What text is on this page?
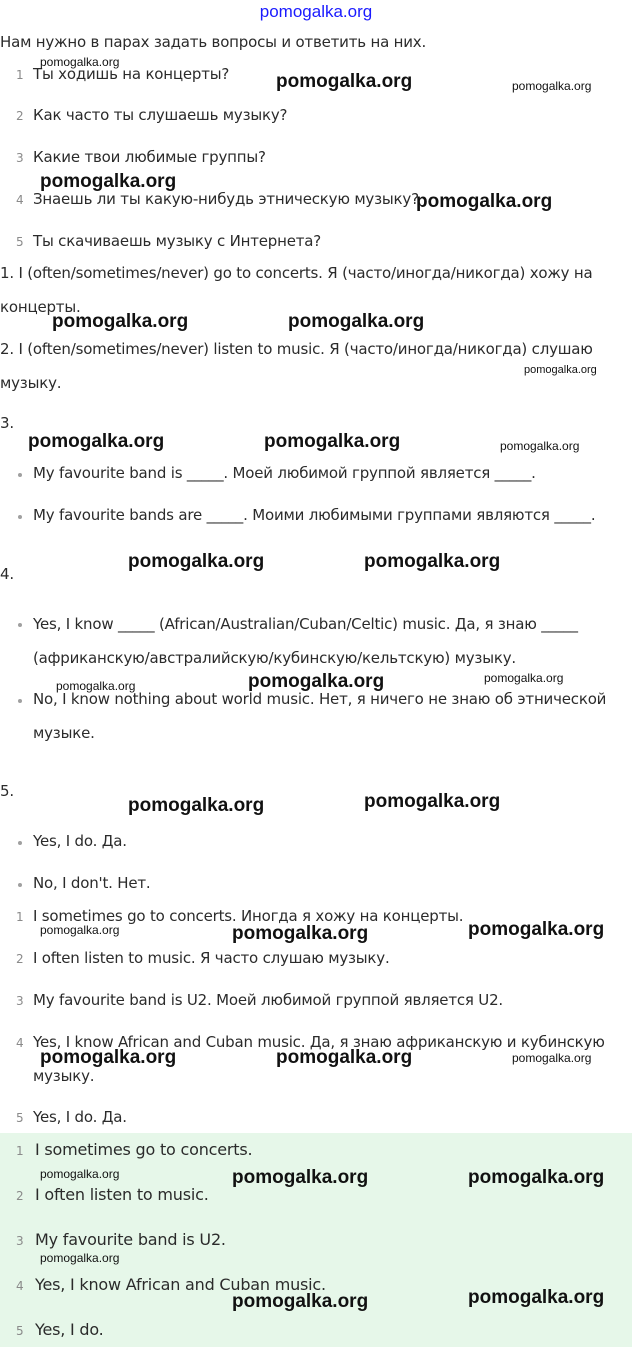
pomogalka.org
Нам нужно в парах задать вопросы и ответить на них.
1 Ты ходишь на концерты?
2 Как часто ты слушаешь музыку?
3 Какие твои любимые группы?
4 Знаешь ли ты какую-нибудь этническую музыку?
5 Ты скачиваешь музыку с Интернета?
1. I (often/sometimes/never) go to concerts. Я (часто/иногда/никогда) хожу на
концерты.
2. I (often/sometimes/never) listen to music. Я (часто/иногда/никогда) слушаю
музыку.
3.
My favourite band is _____. Моей любимой группой является _____.
My favourite bands are _____. Моими любимыми группами являются _____.
4.
Yes, I know _____ (African/Australian/Cuban/Celtic) music. Да, я знаю _____
(африканскую/австралийскую/кубинскую/кельтскую) музыку.
No, I know nothing about world music. Нет, я ничего не знаю об этнической
музыке.
5.
Yes, I do. Да.
No, I don't. Нет.
1 I sometimes go to concerts. Иногда я хожу на концерты.
2 I often listen to music. Я часто слушаю музыку.
3 My favourite band is U2. Моей любимой группой является U2.
4 Yes, I know African and Cuban music. Да, я знаю африканскую и кубинскую
музыку.
5 Yes, I do. Да.
1 I sometimes go to concerts.
2 I often listen to music.
3 My favourite band is U2.
4 Yes, I know African and Cuban music.
5 Yes, I do.
pomogalka.org
pomogalka.org	pomogalka.org
pomogalka.org
pomogalka.org
pomogalka.org	pomogalka.org
pomogalka.org
pomogalka.org	pomogalka.org	pomogalka.org
pomogalka.org	pomogalka.org
pomogalka.org
pomogalka.org
pomogalka.org
pomogalka.org
pomogalka.org
pomogalka.org	pomogalka.org	pomogalka.org
pomogalka.org	pomogalka.org	pomogalka.org
pomogalka.org	pomogalka.org	pomogalka.org
pomogalka.org
pomogalka.org	pomogalka.org
